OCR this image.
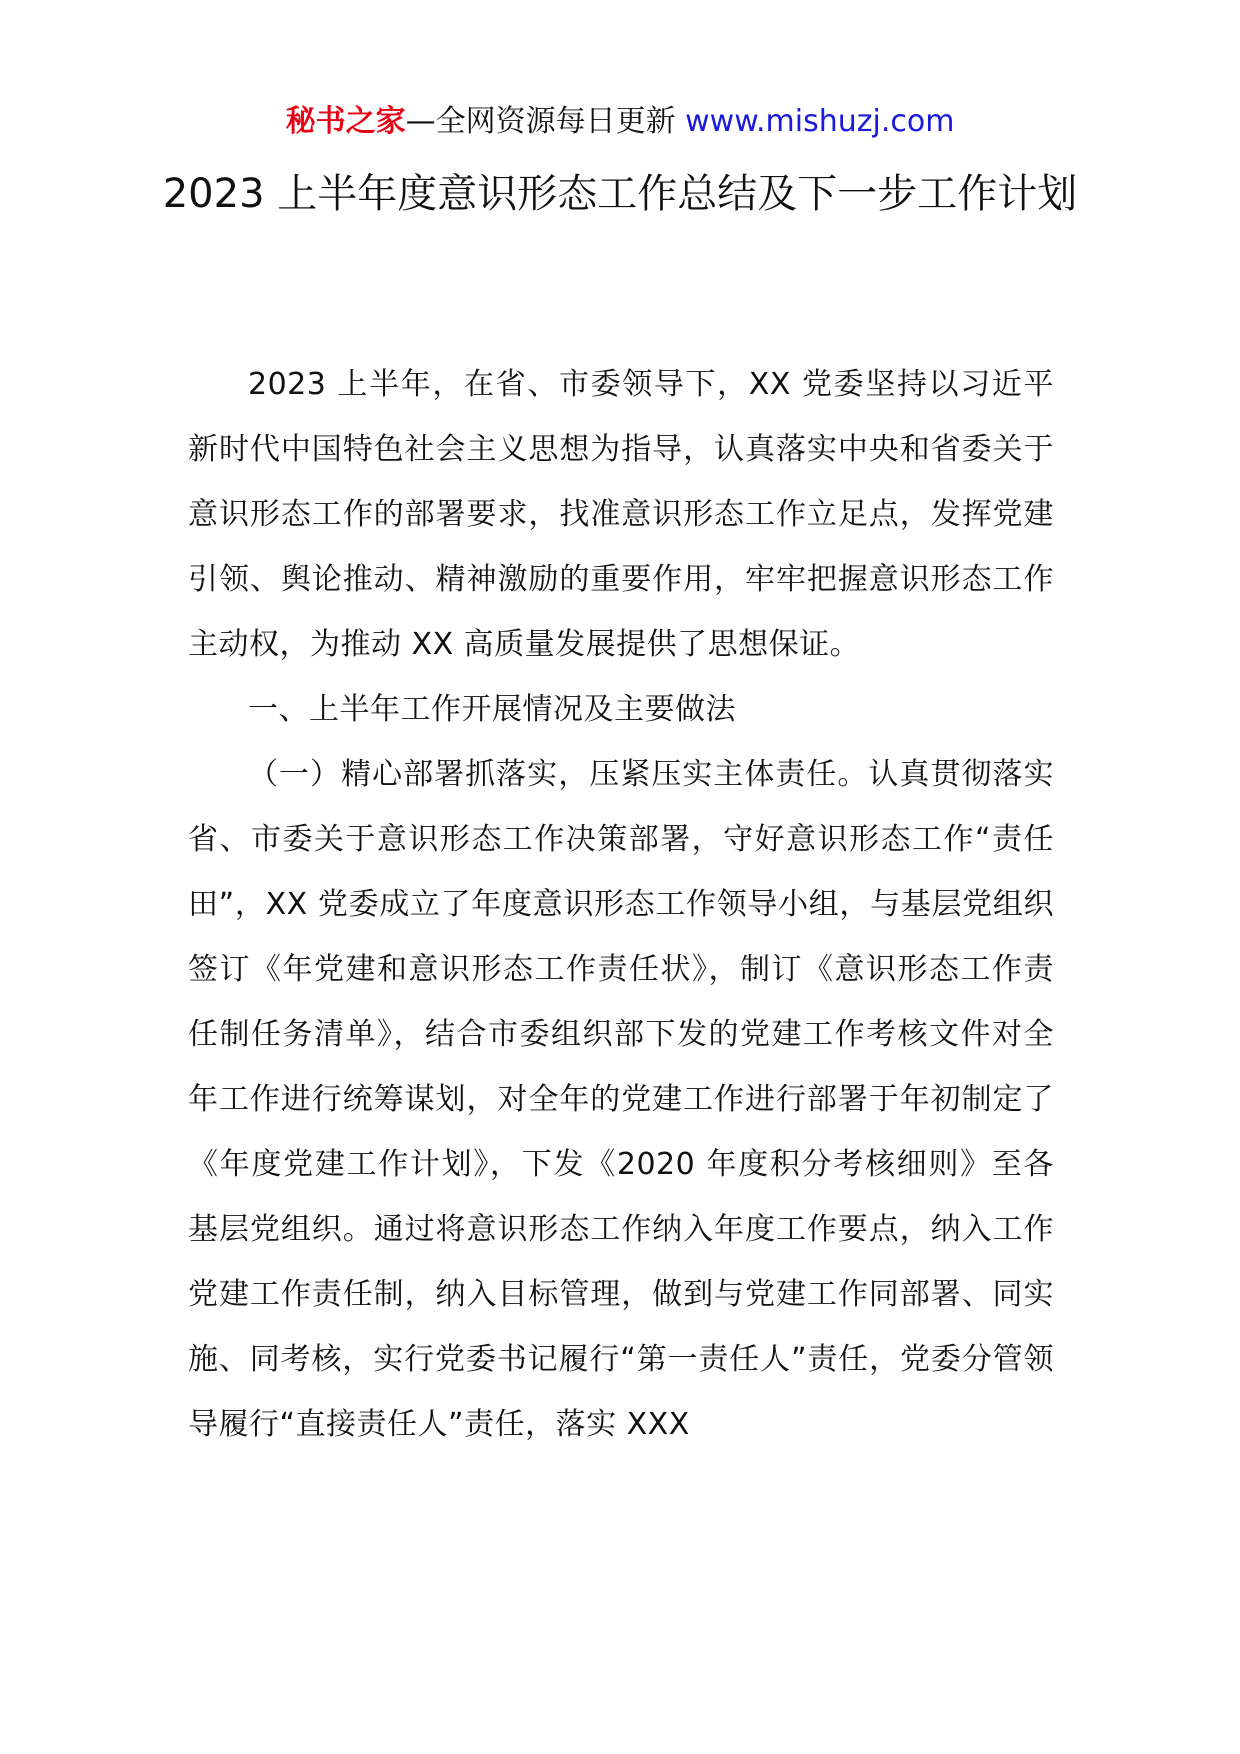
秘书之家—全网资源每日更新 www.mishuzj.com
2023 上半年度意识形态工作总结及下一步工作计划

2023 上半年，在省、市委领导下，XX 党委坚持以习近平新时代中国特色社会主义思想为指导，认真落实中央和省委关于意识形态工作的部署要求，找准意识形态工作立足点，发挥党建引领、舆论推动、精神激励的重要作用，牢牢把握意识形态工作主动权，为推动 XX 高质量发展提供了思想保证。

一、上半年工作开展情况及主要做法

（一）精心部署抓落实，压紧压实主体责任。认真贯彻落实省、市委关于意识形态工作决策部署，守好意识形态工作“责任田”，XX 党委成立了年度意识形态工作领导小组，与基层党组织签订《年党建和意识形态工作责任状》，制订《意识形态工作责任制任务清单》，结合市委组织部下发的党建工作考核文件对全年工作进行统筹谋划，对全年的党建工作进行部署于年初制定了《年度党建工作计划》，下发《2020 年度积分考核细则》至各基层党组织。通过将意识形态工作纳入年度工作要点，纳入工作党建工作责任制，纳入目标管理，做到与党建工作同部署、同实施、同考核，实行党委书记履行“第一责任人”责任，党委分管领导履行“直接责任人”责任，落实 XXX
